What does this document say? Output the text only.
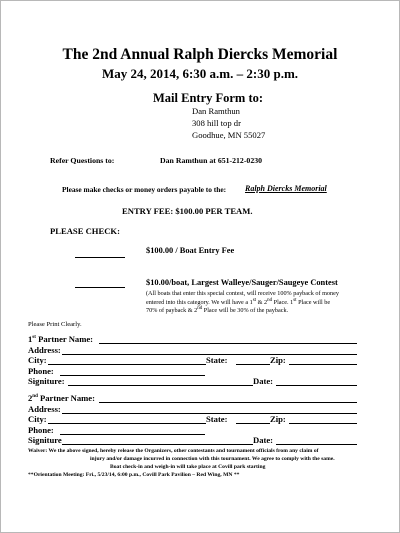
The 2nd Annual Ralph Diercks Memorial
May 24, 2014, 6:30 a.m. – 2:30 p.m.
Mail Entry Form to:
Dan Ramthun
308 hill top dr
Goodhue, MN 55027
Refer Questions to:	Dan Ramthun at 651-212-0230
Please make checks or money orders payable to the: Ralph Diercks Memorial
ENTRY FEE: $100.00 PER TEAM.
PLEASE CHECK:
$100.00 / Boat Entry Fee
$10.00/boat, Largest Walleye/Sauger/Saugeye Contest
(All boats that enter this special contest, will receive 100% payback of money
entered into this category. We will have a 1st & 2nd Place. 1st Place will be
70% of payback & 2nd Place will be 30% of the payback.
Please Print Clearly.
1st Partner Name:
Address:
City:	State:	Zip:
Phone:
Signiture:	Date:
2nd Partner Name:
Address:
City:	State:	Zip:
Phone:
Signiture	Date:
Waiver: We the above signed, hereby release the Organizers, other contestants and tournament officials from any claim of
injury and/or damage incurred in connection with this tournament. We agree to comply with the same.
Boat check-in and weigh-in will take place at Covill park starting
**Orientation Meeting: Fri., 5/23/14, 6:00 p.m., Covill Park Pavilion – Red Wing, MN **
